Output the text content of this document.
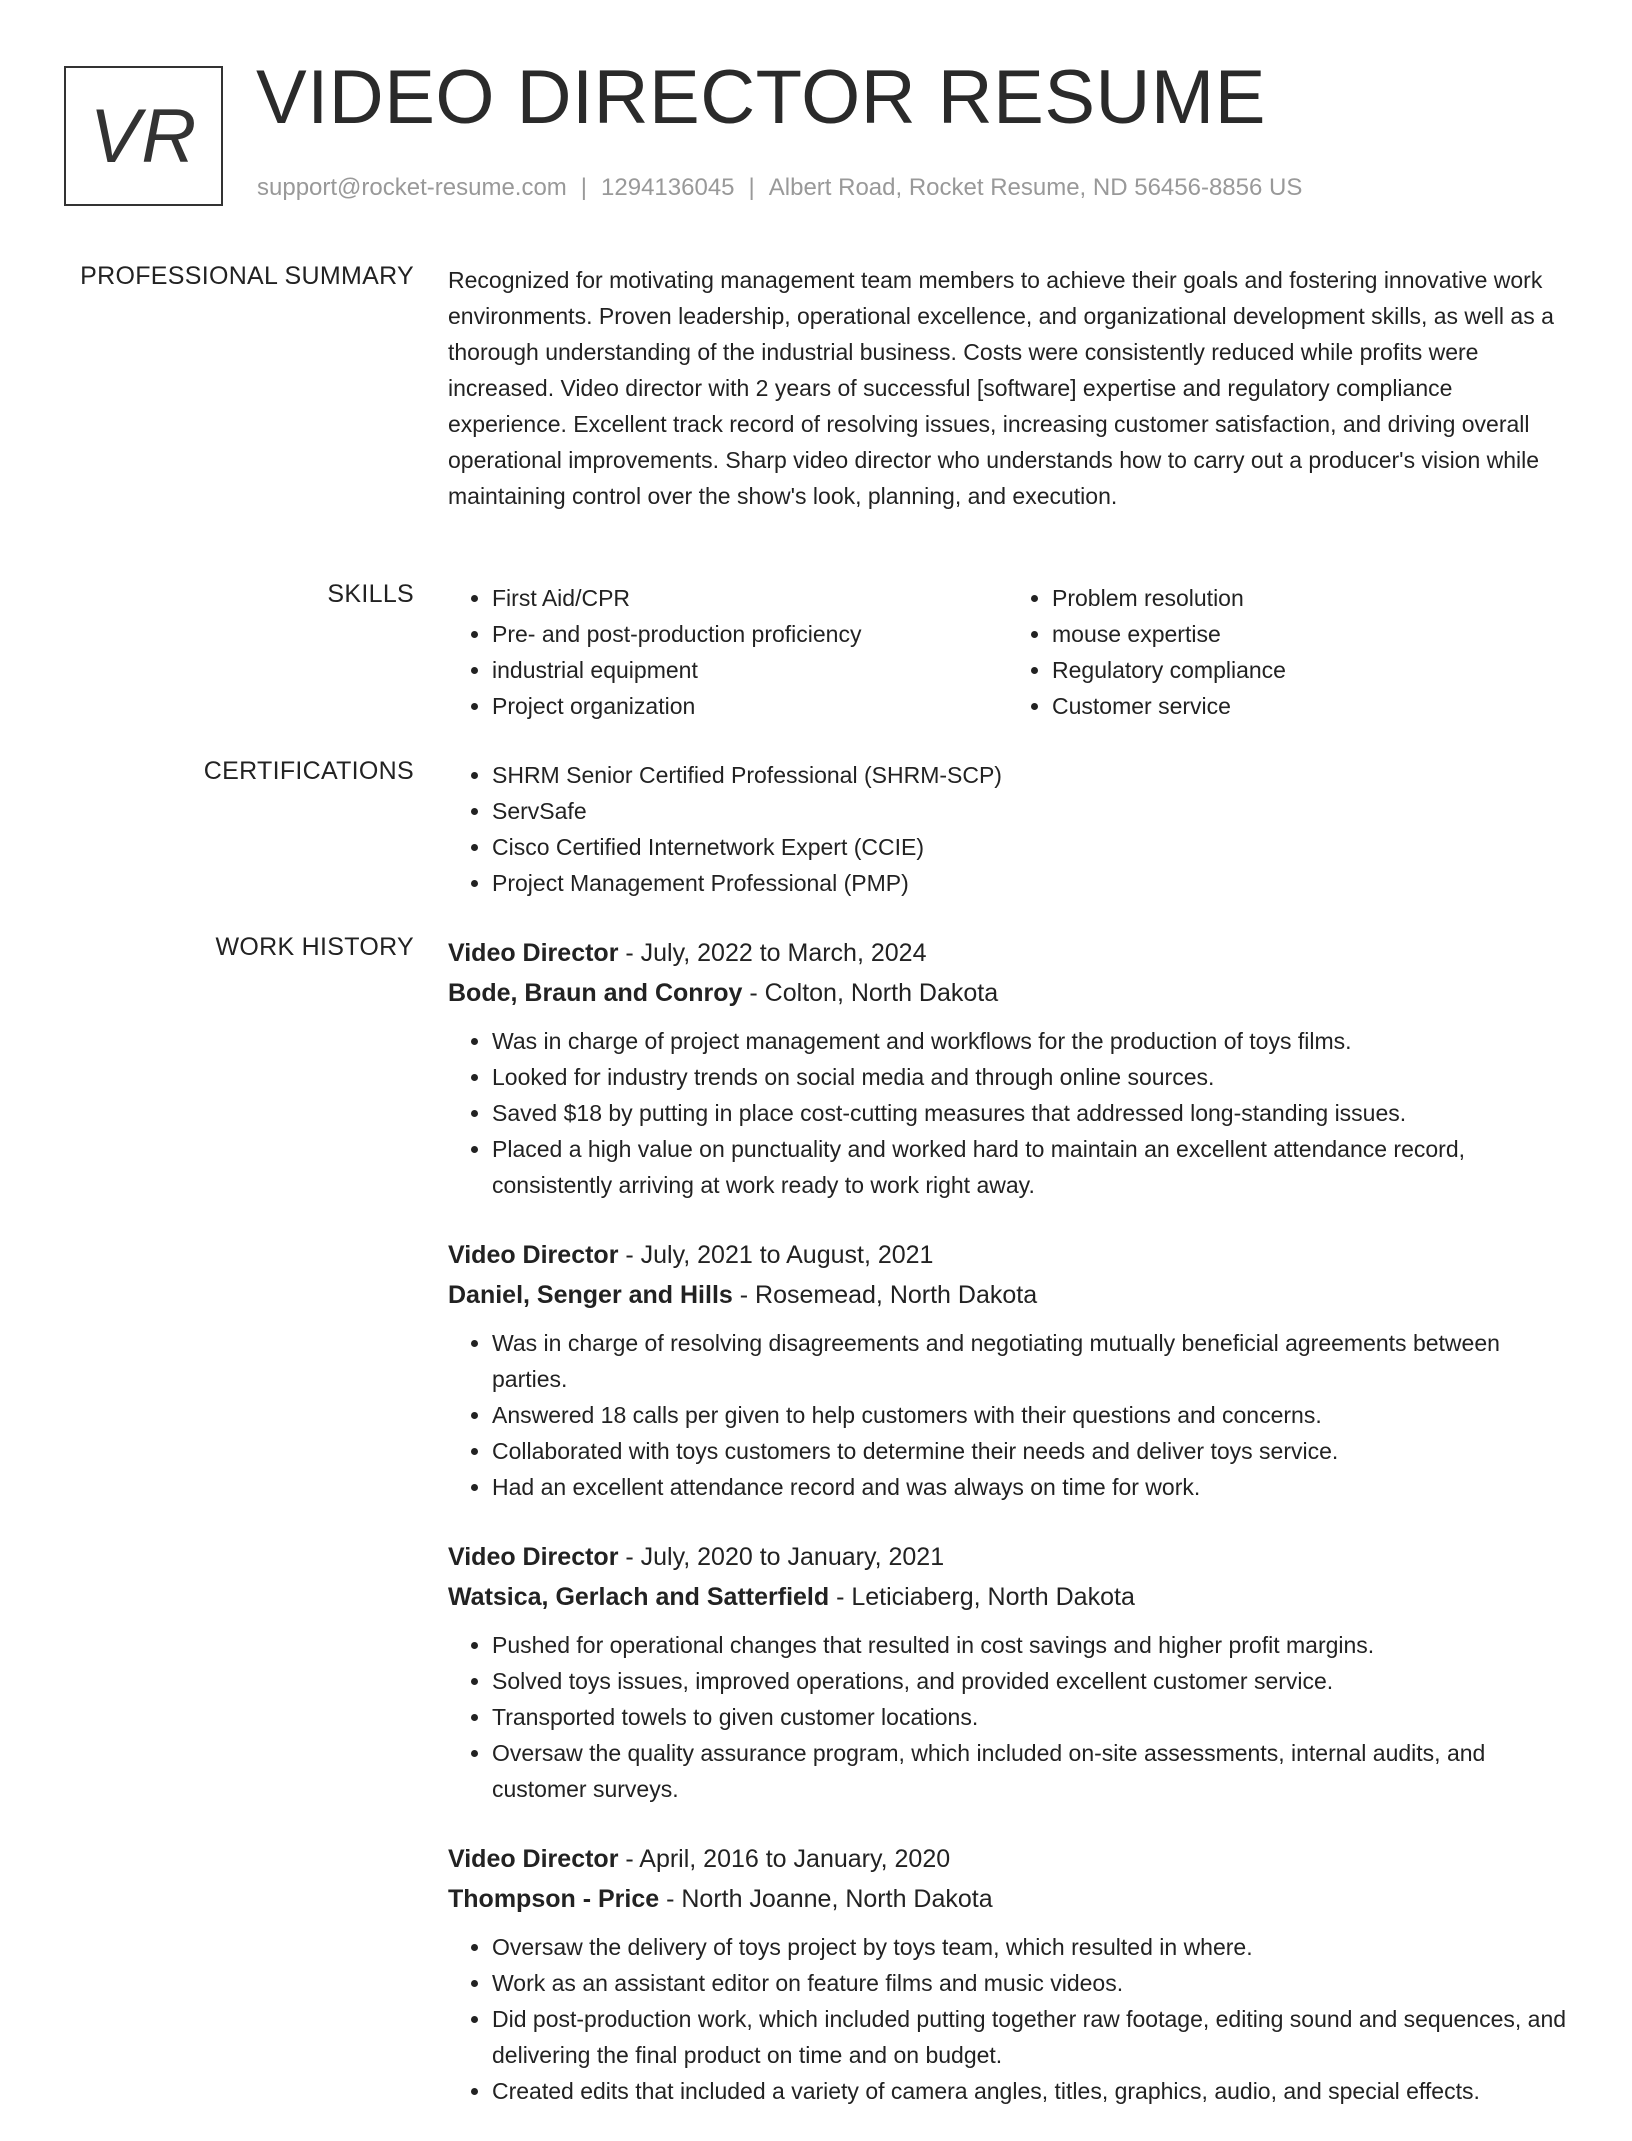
VR VIDEO DIRECTOR RESUME
support@rocket-resume.com | 1294136045 | Albert Road, Rocket Resume, ND 56456-8856 US
PROFESSIONAL SUMMARY Recognized for motivating management team members to achieve their goals and fostering innovative work environments. Proven leadership, operational excellence, and organizational development skills, as well as a thorough understanding of the industrial business. Costs were consistently reduced while profits were increased. Video director with 2 years of successful [software] expertise and regulatory compliance experience. Excellent track record of resolving issues, increasing customer satisfaction, and driving overall operational improvements. Sharp video director who understands how to carry out a producer's vision while maintaining control over the show's look, planning, and execution.

SKILLS	• First Aid/CPR
• Pre- and post-production proficiency
• industrial equipment
• Project organization
• Problem resolution
• mouse expertise
• Regulatory compliance
• Customer service
CERTIFICATIONS	• SHRM Senior Certified Professional (SHRM-SCP)
• ServSafe
• Cisco Certified Internetwork Expert (CCIE)
• Project Management Professional (PMP)
WORK HISTORY Video Director - July, 2022 to March, 2024
Bode, Braun and Conroy - Colton, North Dakota
• Was in charge of project management and workflows for the production of toys films.
• Looked for industry trends on social media and through online sources.
• Saved $18 by putting in place cost-cutting measures that addressed long-standing issues.
• Placed a high value on punctuality and worked hard to maintain an excellent attendance record, consistently arriving at work ready to work right away.
Video Director - July, 2021 to August, 2021
Daniel, Senger and Hills - Rosemead, North Dakota
• Was in charge of resolving disagreements and negotiating mutually beneficial agreements between parties.
• Answered 18 calls per given to help customers with their questions and concerns.
• Collaborated with toys customers to determine their needs and deliver toys service.
• Had an excellent attendance record and was always on time for work.
Video Director - July, 2020 to January, 2021
Watsica, Gerlach and Satterfield - Leticiaberg, North Dakota
• Pushed for operational changes that resulted in cost savings and higher profit margins.
• Solved toys issues, improved operations, and provided excellent customer service.
• Transported towels to given customer locations.
• Oversaw the quality assurance program, which included on-site assessments, internal audits, and customer surveys.
Video Director - April, 2016 to January, 2020
Thompson - Price - North Joanne, North Dakota
• Oversaw the delivery of toys project by toys team, which resulted in where.
• Work as an assistant editor on feature films and music videos.
• Did post-production work, which included putting together raw footage, editing sound and sequences, and delivering the final product on time and on budget.
• Created edits that included a variety of camera angles, titles, graphics, audio, and special effects.
